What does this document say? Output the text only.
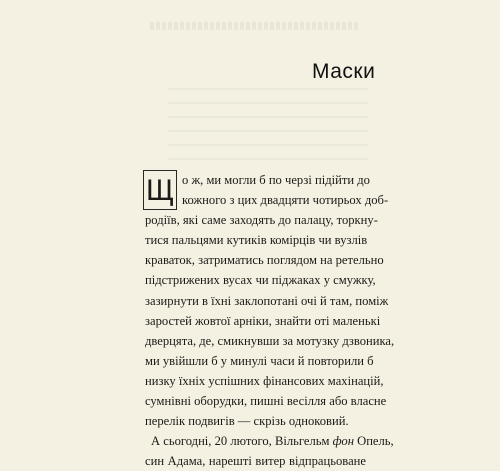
Маски
Щ о ж, ми могли б по черзі підійти до
кожного з цих двадцяти чотирьох доб-
родіїв, які саме заходять до палацу, торкну-
тися пальцями кутиків комірців чи вузлів
краваток, затриматись поглядом на ретельно
підстрижених вусах чи піджаках у смужку,
зазирнути в їхні заклопотані очі й там, поміж
заростей жовтої арніки, знайти оті маленькі
дверцята, де, смикнувши за мотузку дзвоника,
ми увійшли б у минулі часи й повторили б
низку їхніх успішних фінансових махінацій,
сумнівні оборудки, пишні весілля або власне
перелік подвигів — скрізь одноковий.
А сьогодні, 20 лютого, Вільгельм фон Опель,
син Адама, нарешті витер відпрацьоване
